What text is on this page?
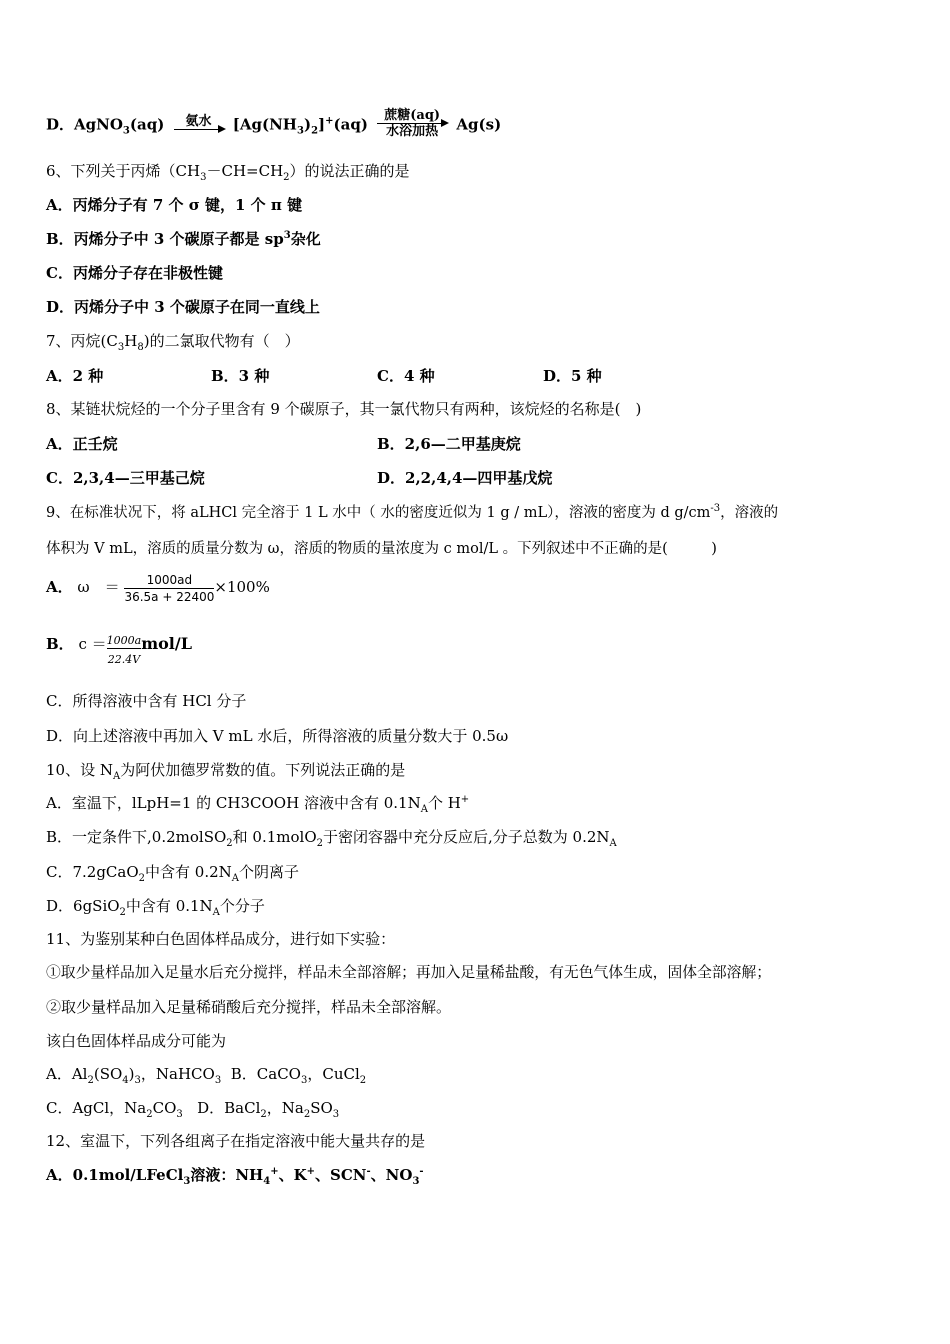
D．AgNO$_3$(aq)	氨水	$[Ag(NH_3)_2]^+(aq)$	蔗糖(aq)
水浴加热	Ag(s)
6、下列关于丙烯$(CH_3-CH=CH_2)$的说法正确的是
A．丙烯分子有 7 个 σ 键，1 个 π 键
B．丙烯分子中 3 个碳原子都是 $sp^3$杂化
C．丙烯分子存在非极性键
D．丙烯分子中 3 个碳原子在同一直线上
7、丙烷$(C_3H_8)$的二氯取代物有（　）
A．2 种	B．3 种	C．4 种	D．5 种
8、某链状烷烃的一个分子里含有 9 个碳原子，其一氯代物只有两种，该烷烃的名称是(　)
A．正壬烷	B．2,6—二甲基庚烷
C．2,3,4—三甲基己烷	D．2,2,4,4—四甲基戊烷
9、在标准状况下，将 aLHCl 完全溶于 1 L 水中（ 水的密度近似为 1 g / mL），溶液的密度为 d $g/cm^{-3}$，溶液的
体积为 V mL，溶质的质量分数为 ω，溶质的物质的量浓度为 c mol/L 。下列叙述中不正确的是(　　　)
A． ω　＝ $\frac{1000ad}{36.5a + 22400} \times 100\%$
B． $c = \frac{1000a}{22.4V} mol/L$
C．所得溶液中含有 HCl 分子
D．向上述溶液中再加入 V mL 水后，所得溶液的质量分数大于 0.5ω
10、设 $N_A$为阿伏加德罗常数的值。下列说法正确的是
A．室温下，lLpH=1 的 CH3COOH 溶液中含有 $0.1N_A$个 H+
B．一定条件下,0.2molSO$_2$和 0.1molO$_2$于密闭容器中充分反应后,分子总数为 $0.2N_A$
C．7.2gCaO$_2$中含有 $0.2N_A$个阴离子
D．6gSiO$_2$中含有 $0.1N_A$个分子
11、为鉴别某种白色固体样品成分，进行如下实验：
①取少量样品加入足量水后充分搅拌，样品未全部溶解；再加入足量稀盐酸，有无色气体生成，固体全部溶解；
②取少量样品加入足量稀硝酸后充分搅拌，样品未全部溶解。
该白色固体样品成分可能为
A．$Al_2(SO_4)_3$，NaHCO$_3$ B．CaCO$_3$，CuCl$_2$
C．AgCl，$Na_2CO_3$ D．BaCl$_2$，$Na_2SO_3$
12、室温下，下列各组离子在指定溶液中能大量共存的是
A．0.1mol/LFeCl$_3$溶液：$NH_4^+$、K+、SCN-、$NO_3^-$
